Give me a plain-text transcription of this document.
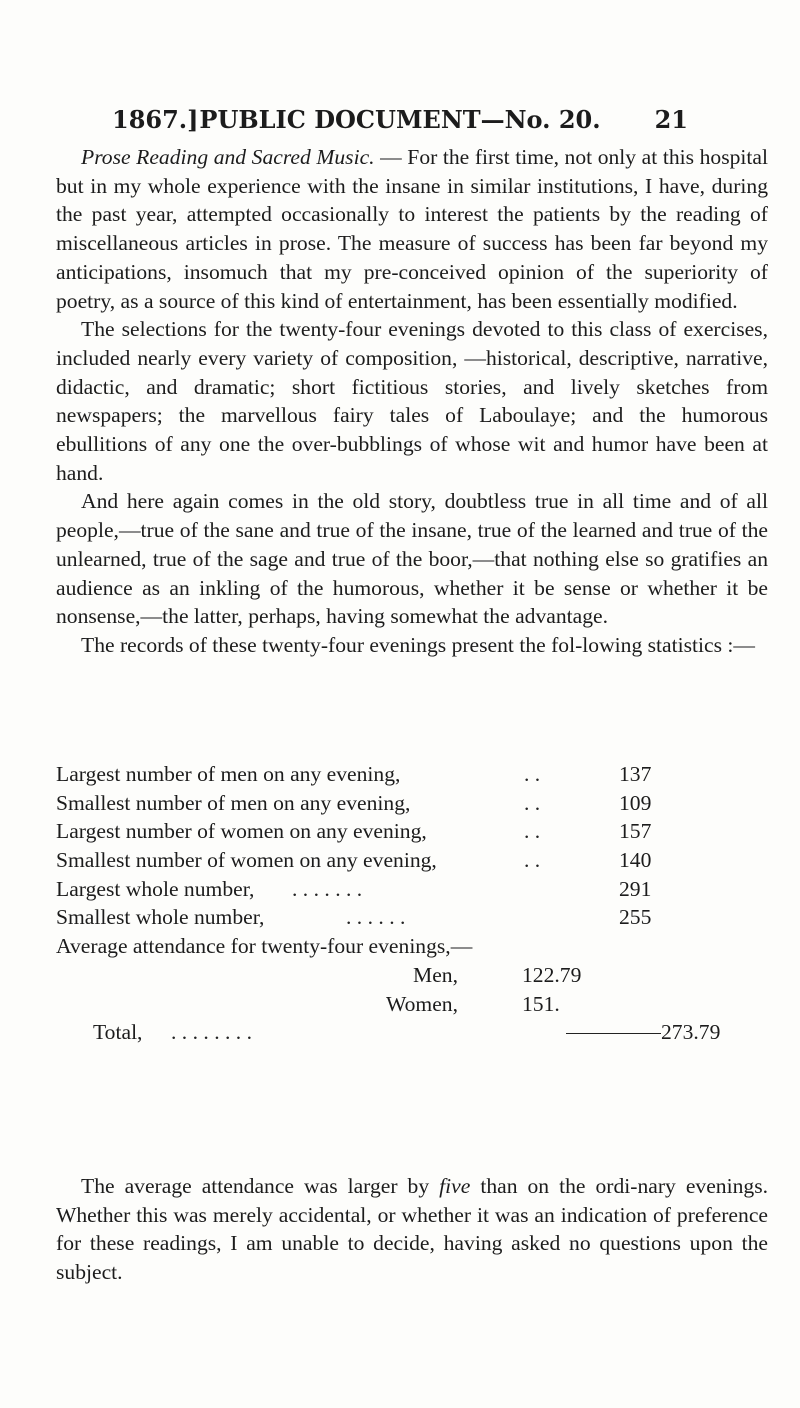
1867.] PUBLIC DOCUMENT—No. 20.	21

Prose Reading and Sacred Music. — For the first time, not only at this hospital but in my whole experience with the insane in similar institutions, I have, during the past year, attempted occasionally to interest the patients by the reading of miscellaneous articles in prose. The measure of success has been far beyond my anticipations, insomuch that my pre-conceived opinion of the superiority of poetry, as a source of this kind of entertainment, has been essentially modified.

The selections for the twenty-four evenings devoted to this class of exercises, included nearly every variety of composition, —historical, descriptive, narrative, didactic, and dramatic; short fictitious stories, and lively sketches from newspapers; the marvellous fairy tales of Laboulaye; and the humorous ebullitions of any one the over-bubblings of whose wit and humor have been at hand.

And here again comes in the old story, doubtless true in all time and of all people,—true of the sane and true of the insane, true of the learned and true of the unlearned, true of the sage and true of the boor,—that nothing else so gratifies an audience as an inkling of the humorous, whether it be sense or whether it be nonsense,—the latter, perhaps, having somewhat the advantage.

The records of these twenty-four evenings present the fol-lowing statistics :—

Largest number of men on any evening,	. .	137
Smallest number of men on any evening,	. .	109
Largest number of women on any evening,	. .	157
Smallest number of women on any evening,	. .	140
Largest whole number, . . . . . . .	291
Smallest whole number,	. . . . . .	255
Average attendance for twenty-four evenings,—
Men,	122.79
Women,	151.
Total, . . . . . . . .	273.79

The average attendance was larger by five than on the ordi-nary evenings. Whether this was merely accidental, or whether it was an indication of preference for these readings, I am unable to decide, having asked no questions upon the subject.
